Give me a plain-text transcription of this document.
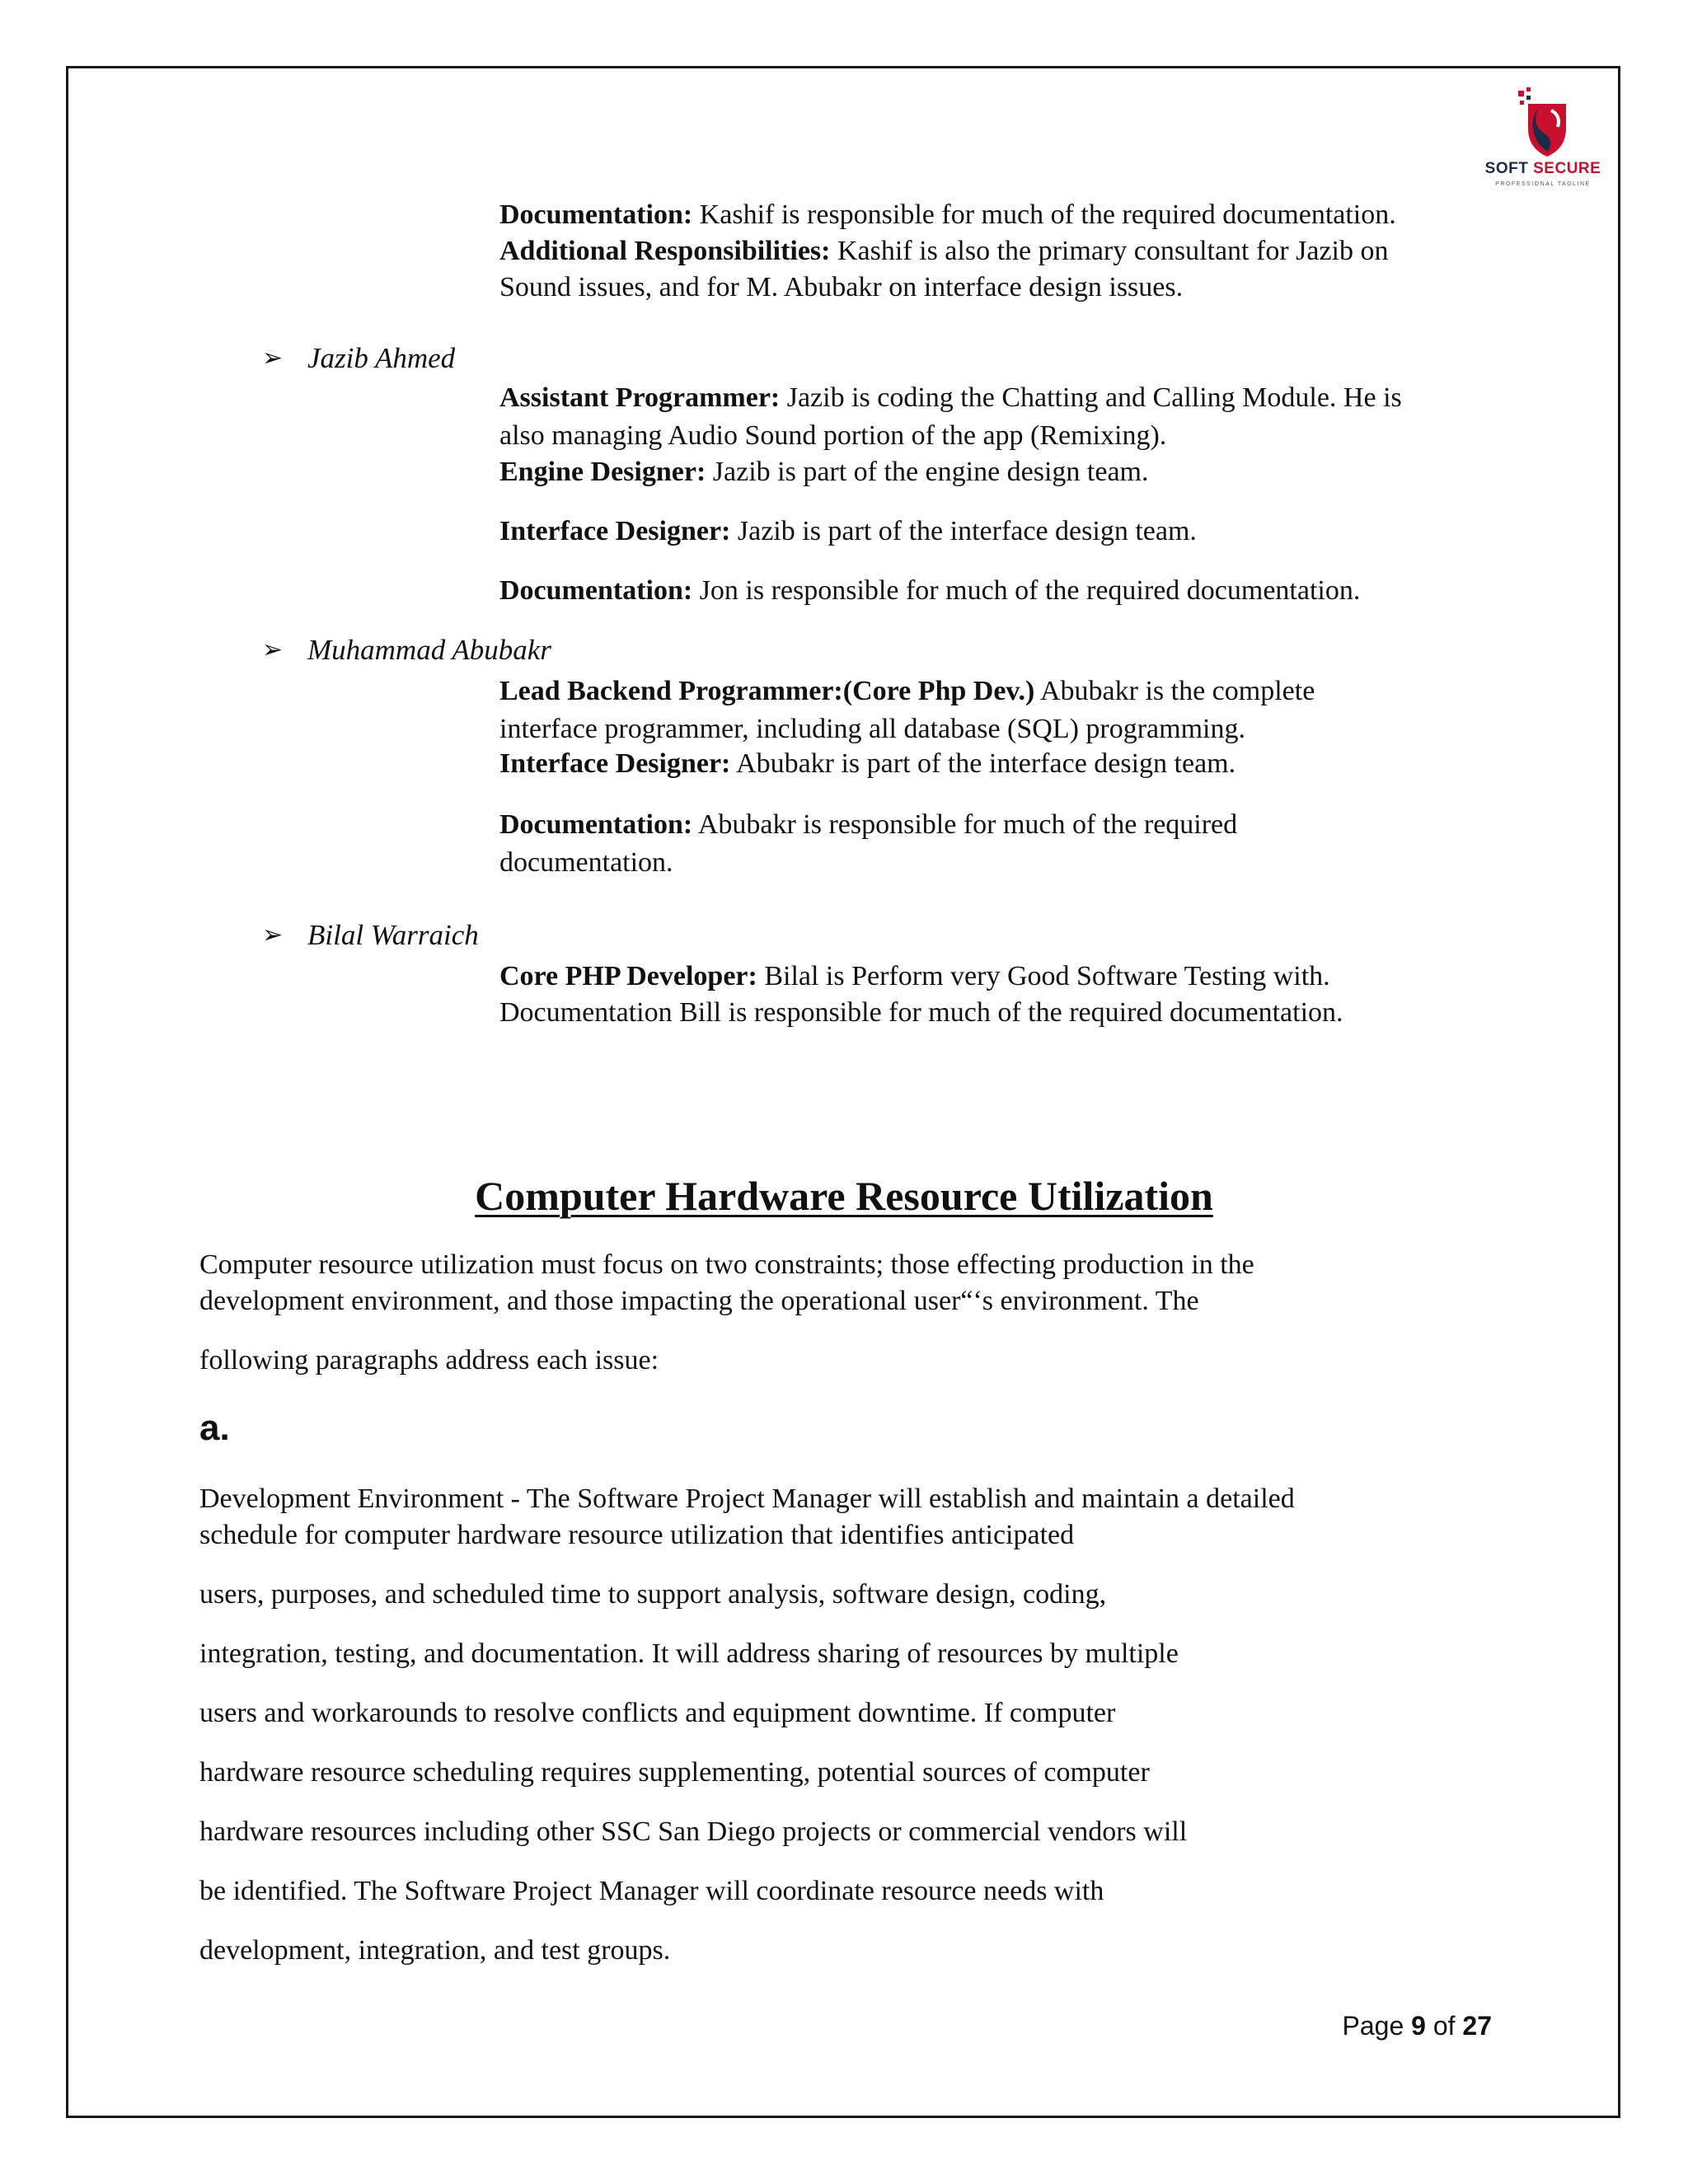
SOFT SECURE
PROFESSIONAL TAGLINE
Documentation: Kashif is responsible for much of the required documentation.
Additional Responsibilities: Kashif is also the primary consultant for Jazib on
Sound issues, and for M. Abubakr on interface design issues.
➢ Jazib Ahmed
Assistant Programmer: Jazib is coding the Chatting and Calling Module. He is
also managing Audio Sound portion of the app (Remixing).
Engine Designer: Jazib is part of the engine design team.
Interface Designer: Jazib is part of the interface design team.
Documentation: Jon is responsible for much of the required documentation.
➢ Muhammad Abubakr
Lead Backend Programmer:(Core Php Dev.) Abubakr is the complete
interface programmer, including all database (SQL) programming.
Interface Designer: Abubakr is part of the interface design team.
Documentation: Abubakr is responsible for much of the required
documentation.
➢ Bilal Warraich
Core PHP Developer: Bilal is Perform very Good Software Testing with.
Documentation Bill is responsible for much of the required documentation.
Computer Hardware Resource Utilization
Computer resource utilization must focus on two constraints; those effecting production in the
development environment, and those impacting the operational user“‘s environment. The
following paragraphs address each issue:
a.
Development Environment - The Software Project Manager will establish and maintain a detailed
schedule for computer hardware resource utilization that identifies anticipated
users, purposes, and scheduled time to support analysis, software design, coding,
integration, testing, and documentation. It will address sharing of resources by multiple
users and workarounds to resolve conflicts and equipment downtime. If computer
hardware resource scheduling requires supplementing, potential sources of computer
hardware resources including other SSC San Diego projects or commercial vendors will
be identified. The Software Project Manager will coordinate resource needs with
development, integration, and test groups.
Page 9 of 27
